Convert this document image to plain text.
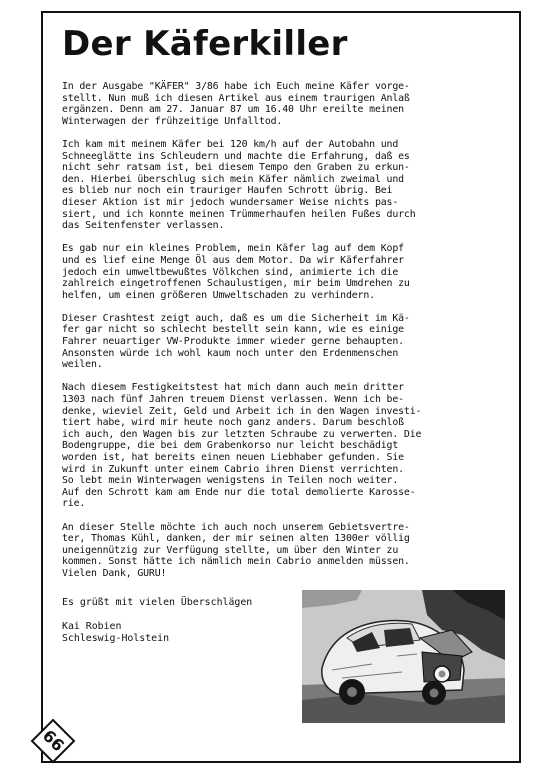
Der Käferkiller

In der Ausgabe "KÄFER" 3/86 habe ich Euch meine Käfer vorge-
stellt. Nun muß ich diesen Artikel aus einem traurigen Anlaß
ergänzen. Denn am 27. Januar 87 um 16.40 Uhr ereilte meinen
Winterwagen der frühzeitige Unfalltod.

Ich kam mit meinem Käfer bei 120 km/h auf der Autobahn und
Schneeglätte ins Schleudern und machte die Erfahrung, daß es
nicht sehr ratsam ist, bei diesem Tempo den Graben zu erkun-
den. Hierbei überschlug sich mein Käfer nämlich zweimal und
es blieb nur noch ein trauriger Haufen Schrott übrig. Bei
dieser Aktion ist mir jedoch wundersamer Weise nichts pas-
siert, und ich konnte meinen Trümmerhaufen heilen Fußes durch
das Seitenfenster verlassen.

Es gab nur ein kleines Problem, mein Käfer lag auf dem Kopf
und es lief eine Menge Öl aus dem Motor. Da wir Käferfahrer
jedoch ein umweltbewußtes Völkchen sind, animierte ich die
zahlreich eingetroffenen Schaulustigen, mir beim Umdrehen zu
helfen, um einen größeren Umweltschaden zu verhindern.

Dieser Crashtest zeigt auch, daß es um die Sicherheit im Kä-
fer gar nicht so schlecht bestellt sein kann, wie es einige
Fahrer neuartiger VW-Produkte immer wieder gerne behaupten.
Ansonsten würde ich wohl kaum noch unter den Erdenmenschen
weilen.

Nach diesem Festigkeitstest hat mich dann auch mein dritter
1303 nach fünf Jahren treuem Dienst verlassen. Wenn ich be-
denke, wieviel Zeit, Geld und Arbeit ich in den Wagen investi-
tiert habe, wird mir heute noch ganz anders. Darum beschloß
ich auch, den Wagen bis zur letzten Schraube zu verwerten. Die
Bodengruppe, die bei dem Grabenkorso nur leicht beschädigt
worden ist, hat bereits einen neuen Liebhaber gefunden. Sie
wird in Zukunft unter einem Cabrio ihren Dienst verrichten.
So lebt mein Winterwagen wenigstens in Teilen noch weiter.
Auf den Schrott kam am Ende nur die total demolierte Karosse-
rie.

An dieser Stelle möchte ich auch noch unserem Gebietsvertre-
ter, Thomas Kühl, danken, der mir seinen alten 1300er völlig
uneigennützig zur Verfügung stellte, um über den Winter zu
kommen. Sonst hätte ich nämlich mein Cabrio anmelden müssen.
Vielen Dank, GURU!

Es grüßt mit vielen Überschlägen
Kai Robien
Schleswig-Holstein
66
